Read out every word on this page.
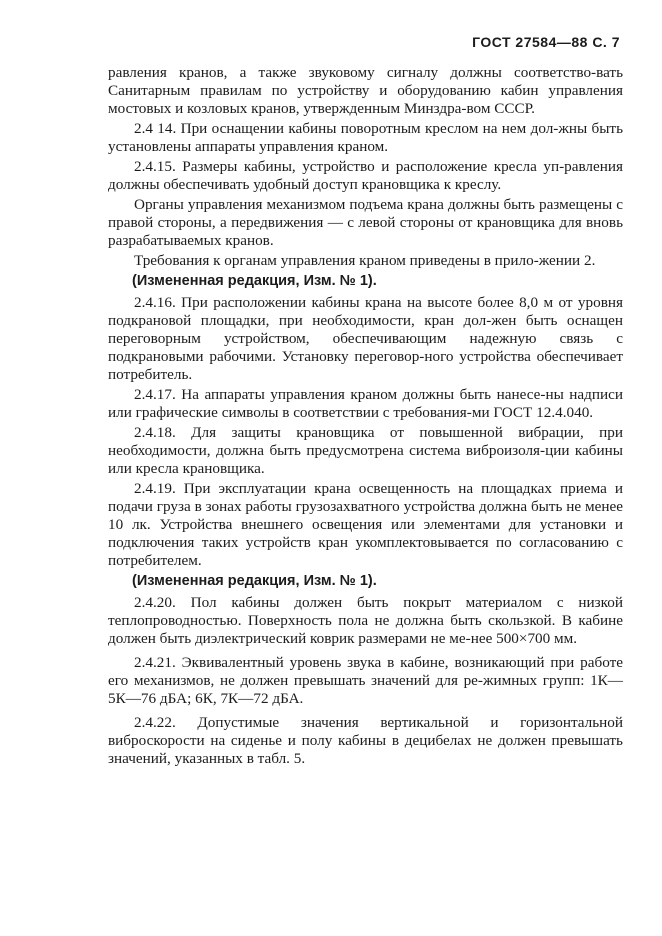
ГОСТ 27584—88 С. 7

равления кранов, а также звуковому сигналу должны соответство-вать Санитарным правилам по устройству и оборудованию кабин управления мостовых и козловых кранов, утвержденным Минздра-вом СССР.

2.4 14. При оснащении кабины поворотным креслом на нем дол-жны быть установлены аппараты управления краном.

2.4.15. Размеры кабины, устройство и расположение кресла уп-равления должны обеспечивать удобный доступ крановщика к креслу.

Органы управления механизмом подъема крана должны быть размещены с правой стороны, а передвижения — с левой стороны от крановщика для вновь разрабатываемых кранов.

Требования к органам управления краном приведены в прило-жении 2.

(Измененная редакция, Изм. № 1).

2.4.16. При расположении кабины крана на высоте более 8,0 м от уровня подкрановой площадки, при необходимости, кран дол-жен быть оснащен переговорным устройством, обеспечивающим надежную связь с подкрановыми рабочими. Установку переговор-ного устройства обеспечивает потребитель.

2.4.17. На аппараты управления краном должны быть нанесе-ны надписи или графические символы в соответствии с требования-ми ГОСТ 12.4.040.

2.4.18. Для защиты крановщика от повышенной вибрации, при необходимости, должна быть предусмотрена система виброизоля-ции кабины или кресла крановщика.

2.4.19. При эксплуатации крана освещенность на площадках приема и подачи груза в зонах работы грузозахватного устройства должна быть не менее 10 лк. Устройства внешнего освещения или элементами для установки и подключения таких устройств кран укомплектовывается по согласованию с потребителем.

(Измененная редакция, Изм. № 1).

2.4.20. Пол кабины должен быть покрыт материалом с низкой теплопроводностью. Поверхность пола не должна быть скользкой. В кабине должен быть диэлектрический коврик размерами не ме-нее 500×700 мм.

2.4.21. Эквивалентный уровень звука в кабине, возникающий при работе его механизмов, не должен превышать значений для ре-жимных групп: 1К—5К—76 дБА; 6К, 7К—72 дБА.

2.4.22. Допустимые значения вертикальной и горизонтальной виброскорости на сиденье и полу кабины в децибелах не должен превышать значений, указанных в табл. 5.
